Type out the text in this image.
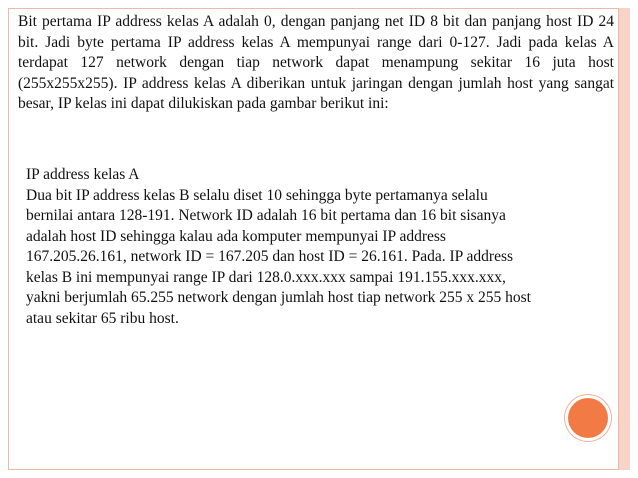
Bit pertama IP address kelas A adalah 0, dengan panjang net ID 8 bit dan panjang host ID 24 bit. Jadi byte pertama IP address kelas A mempunyai range dari 0-127. Jadi pada kelas A terdapat 127 network dengan tiap network dapat menampung sekitar 16 juta host (255x255x255). IP address kelas A diberikan untuk jaringan dengan jumlah host yang sangat besar, IP kelas ini dapat dilukiskan pada gambar berikut ini:

IP address kelas A
Dua bit IP address kelas B selalu diset 10 sehingga byte pertamanya selalu
bernilai antara 128-191. Network ID adalah 16 bit pertama dan 16 bit sisanya
adalah host ID sehingga kalau ada komputer mempunyai IP address
167.205.26.161, network ID = 167.205 dan host ID = 26.161. Pada. IP address
kelas B ini mempunyai range IP dari 128.0.xxx.xxx sampai 191.155.xxx.xxx,
yakni berjumlah 65.255 network dengan jumlah host tiap network 255 x 255 host
atau sekitar 65 ribu host.
